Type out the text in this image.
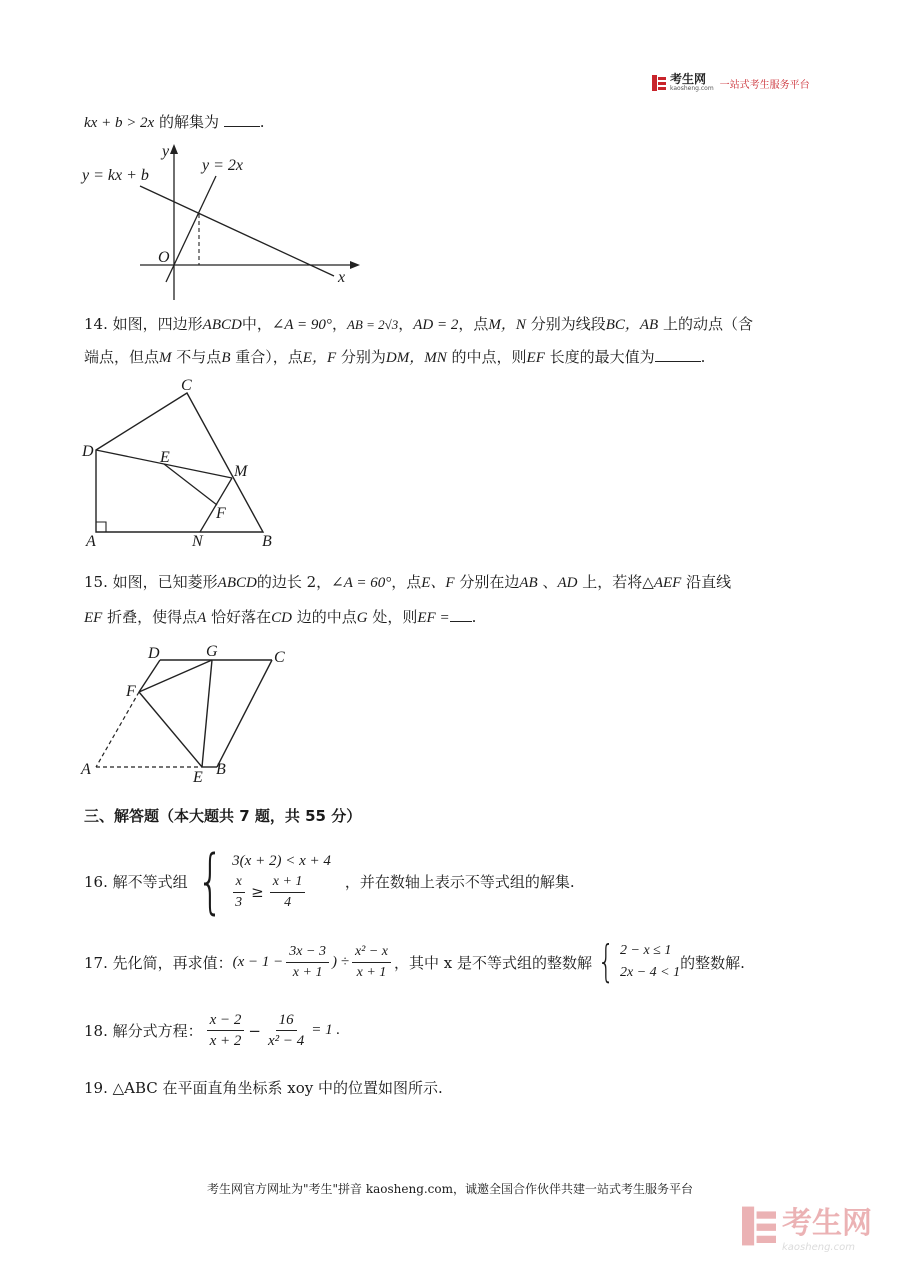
考生网
kaosheng.com 一站式考生服务平台
kx + b > 2x 的解集为	.
y = kx + b
y = 2x
y
x
O
14. 如图，四边形ABCD中，∠A = 90°，AB = 2√3，AD = 2，点M，N 分别为线段BC，AB 上的动点（含
端点，但点M 不与点B 重合），点E，F 分别为DM，MN 的中点，则EF 长度的最大值为	.
C
D	E
M
F
A	N	B
15. 如图，已知菱形ABCD的边长 2，∠A = 60°，点E、F 分别在边AB 、AD 上，若将△AEF 沿直线
EF 折叠，使得点A 恰好落在CD 边的中点G 处，则EF = .
D	G	C
F
A	E B
三、解答题（本大题共 7 题，共 55 分）
16. 解不等式组 { 3(x + 2) < x + 4
$\frac{x}{3} \ge \frac{x + 1}{4}$	，并在数轴上表示不等式组的解集.
17. 先化简，再求值： ($x - 1 - \frac{3x - 3}{x + 1}$ ) ÷ $\frac{\text{x² − x}}{x + 1}$ ，其中 x 是不等式组的整数解 { 2 − x ≤ 1
2x − 4 < 1
的整数解.
18. 解分式方程： $\frac{x - 2}{x + 2} - \frac{16}{\text{x² − 4}} = 1$ .
19. △ABC 在平面直角坐标系 xoy 中的位置如图所示.
考生网官方网址为"考生"拼音 kaosheng.com，诚邀全国合作伙伴共建一站式考生服务平台
考生网
kaosheng.com
